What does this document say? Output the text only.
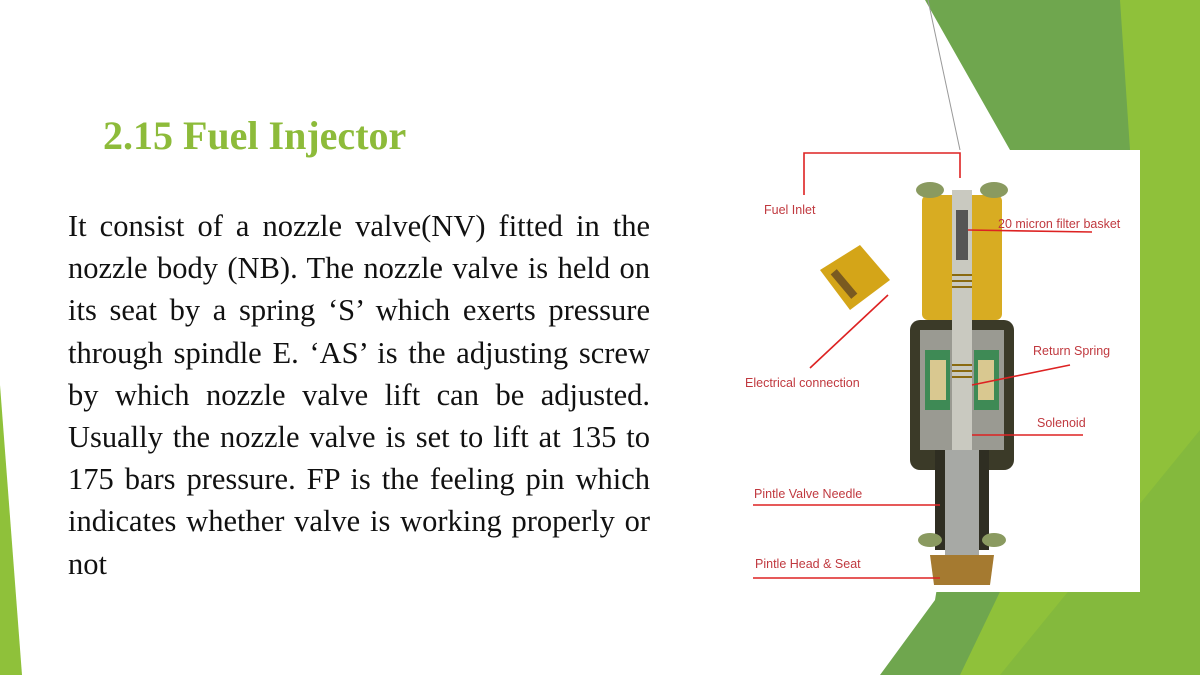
2.15 Fuel Injector

It consist of a nozzle valve(NV) fitted in the nozzle body (NB). The nozzle valve is held on its seat by a spring ‘S’ which exerts pressure through spindle E. ‘AS’ is the adjusting screw by which nozzle valve lift can be adjusted. Usually the nozzle valve is set to lift at 135 to 175 bars pressure. FP is the feeling pin which indicates whether valve is working properly or not

Fuel Inlet
20 micron filter basket
Return Spring
Electrical connection
Solenoid
Pintle Valve Needle
Pintle Head & Seat
